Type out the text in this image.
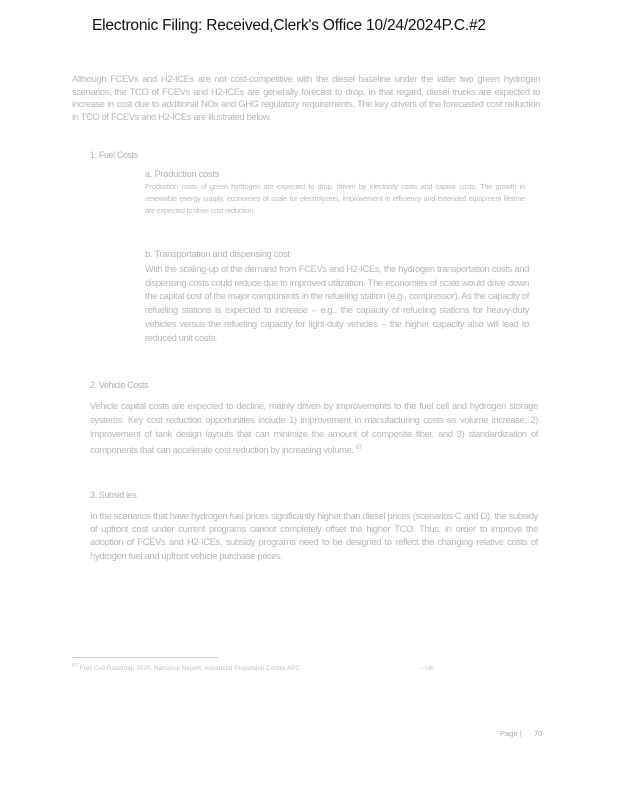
Electronic Filing: Received,Clerk's Office 10/24/2024P.C.#2
Although FCEVs and H2-ICEs are not cost-competitive with the diesel baseline under the latter two green hydrogen scenarios, the TCO of FCEVs and H2-ICEs are generally forecast to drop. In that regard, diesel trucks are expected to increase in cost due to additional NOx and GHG regulatory requirements. The key drivers of the forecasted cost reduction in TCO of FCEVs and H2-ICEs are illustrated below.
1. Fuel Costs
a. Production costs
Production costs of green hydrogen are expected to drop, driven by electricity costs and capital costs. The growth in renewable energy supply, economies of scale for electrolyzers, improvement in efficiency and extended equipment lifetime are expected to drive cost reduction.
b. Transportation and dispensing cost
With the scaling-up of the demand from FCEVs and H2-ICEs, the hydrogen transportation costs and dispensing costs could reduce due to improved utilization. The economies of scale would drive down the capital cost of the major components in the refueling station (e.g., compressor). As the capacity of refueling stations is expected to increase – e.g., the capacity of refueling stations for heavy-duty vehicles versus the refueling capacity for light-duty vehicles – the higher capacity also will lead to reduced unit costs.
2. Vehicle Costs
Vehicle capital costs are expected to decline, mainly driven by improvements to the fuel cell and hydrogen storage systems. Key cost reduction opportunities include 1) improvement in manufacturing costs as volume increase, 2) improvement of tank design layouts that can minimize the amount of composite fiber, and 3) standardization of components that can accelerate cost reduction by increasing volume. $^{67}$
3. Subsid ies
In the scenarios that have hydrogen fuel prices significantly higher than diesel prices (scenarios C and D), the subsidy of upfront cost under current programs cannot completely offset the higher TCO. Thus, in order to improve the adoption of FCEVs and H2-ICEs, subsidy programs need to be designed to reflect the changing relative costs of hydrogen fuel and upfront vehicle purchase prices.
$^{67}$ Fuel Cell Roadmap 2020, Narrative Report, Advanced Propulsion Centre APC	– UK
Page | 70
